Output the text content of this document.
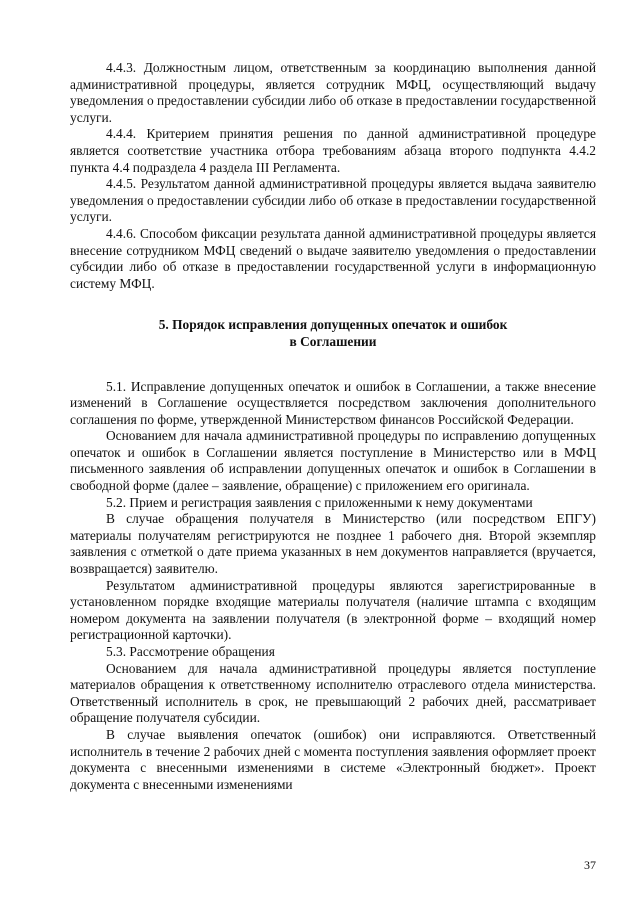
4.4.3. Должностным лицом, ответственным за координацию выполнения данной административной процедуры, является сотрудник МФЦ, осуществляющий выдачу уведомления о предоставлении субсидии либо об отказе в предоставлении государственной услуги.

4.4.4. Критерием принятия решения по данной административной процедуре является соответствие участника отбора требованиям абзаца второго подпункта 4.4.2 пункта 4.4 подраздела 4 раздела III Регламента.

4.4.5. Результатом данной административной процедуры является выдача заявителю уведомления о предоставлении субсидии либо об отказе в предоставлении государственной услуги.

4.4.6. Способом фиксации результата данной административной процедуры является внесение сотрудником МФЦ сведений о выдаче заявителю уведомления о предоставлении субсидии либо об отказе в предоставлении государственной услуги в информационную систему МФЦ.

5. Порядок исправления допущенных опечаток и ошибок
в Соглашении

5.1. Исправление допущенных опечаток и ошибок в Соглашении, а также внесение изменений в Соглашение осуществляется посредством заключения дополнительного соглашения по форме, утвержденной Министерством финансов Российской Федерации.

Основанием для начала административной процедуры по исправлению допущенных опечаток и ошибок в Соглашении является поступление в Министерство или в МФЦ письменного заявления об исправлении допущенных опечаток и ошибок в Соглашении в свободной форме (далее – заявление, обращение) с приложением его оригинала.

5.2. Прием и регистрация заявления с приложенными к нему документами

В случае обращения получателя в Министерство (или посредством ЕПГУ) материалы получателям регистрируются не позднее 1 рабочего дня. Второй экземпляр заявления с отметкой о дате приема указанных в нем документов направляется (вручается, возвращается) заявителю.

Результатом административной процедуры являются зарегистрированные в установленном порядке входящие материалы получателя (наличие штампа с входящим номером документа на заявлении получателя (в электронной форме – входящий номер регистрационной карточки).

5.3. Рассмотрение обращения

Основанием для начала административной процедуры является поступление материалов обращения к ответственному исполнителю отраслевого отдела министерства. Ответственный исполнитель в срок, не превышающий 2 рабочих дней, рассматривает обращение получателя субсидии.

В случае выявления опечаток (ошибок) они исправляются. Ответственный исполнитель в течение 2 рабочих дней с момента поступления заявления оформляет проект документа с внесенными изменениями в системе «Электронный бюджет». Проект документа с внесенными изменениями

37
